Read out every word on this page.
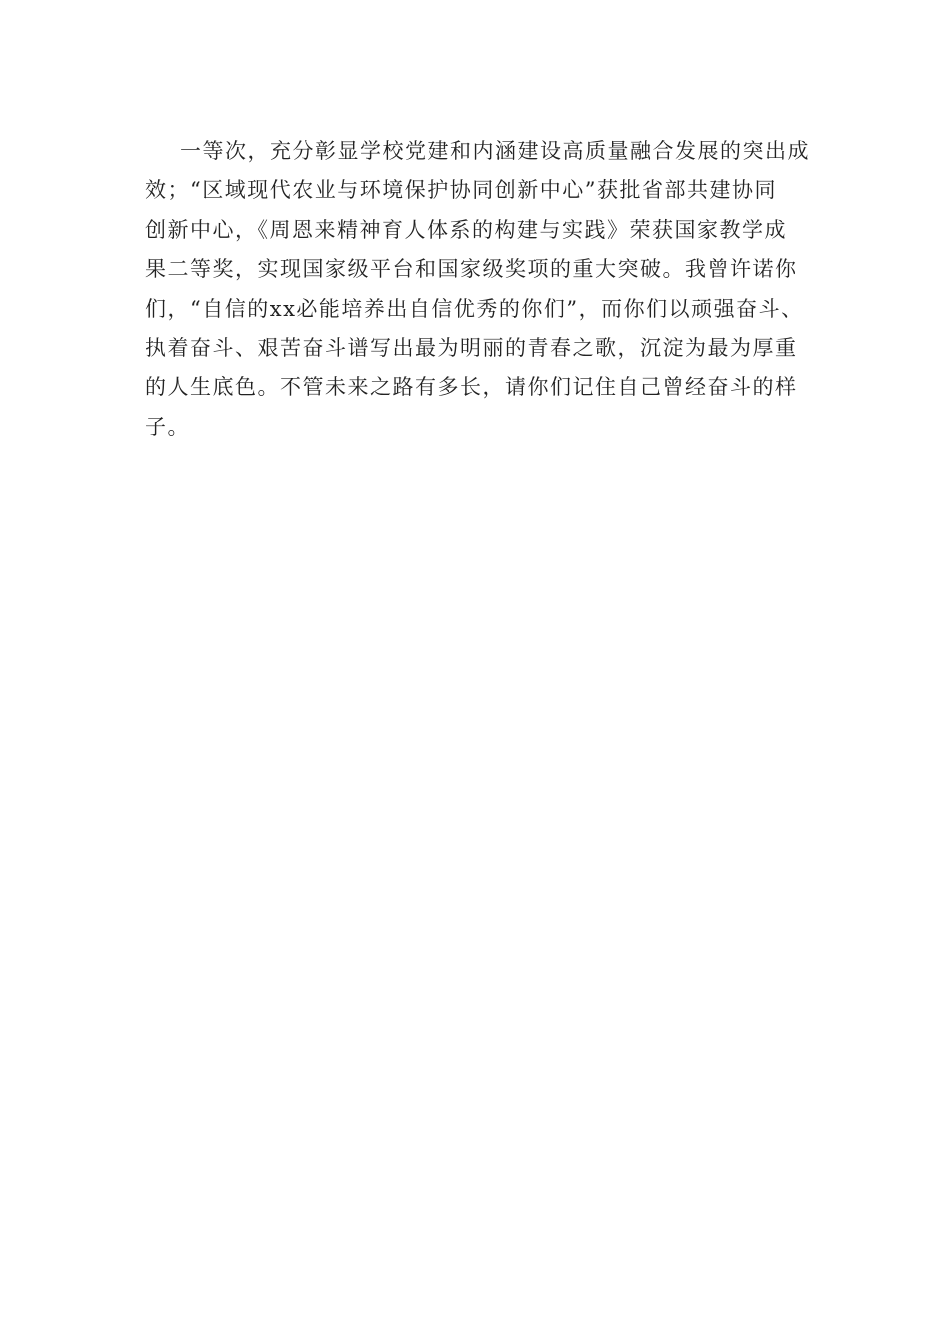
一等次，充分彰显学校党建和内涵建设高质量融合发展的突出成
效；“区域现代农业与环境保护协同创新中心”获批省部共建协同
创新中心，《周恩来精神育人体系的构建与实践》荣获国家教学成
果二等奖，实现国家级平台和国家级奖项的重大突破。我曾许诺你
们，“自信的xx必能培养出自信优秀的你们”，而你们以顽强奋斗、
执着奋斗、艰苦奋斗谱写出最为明丽的青春之歌，沉淀为最为厚重
的人生底色。不管未来之路有多长，请你们记住自己曾经奋斗的样
子。
